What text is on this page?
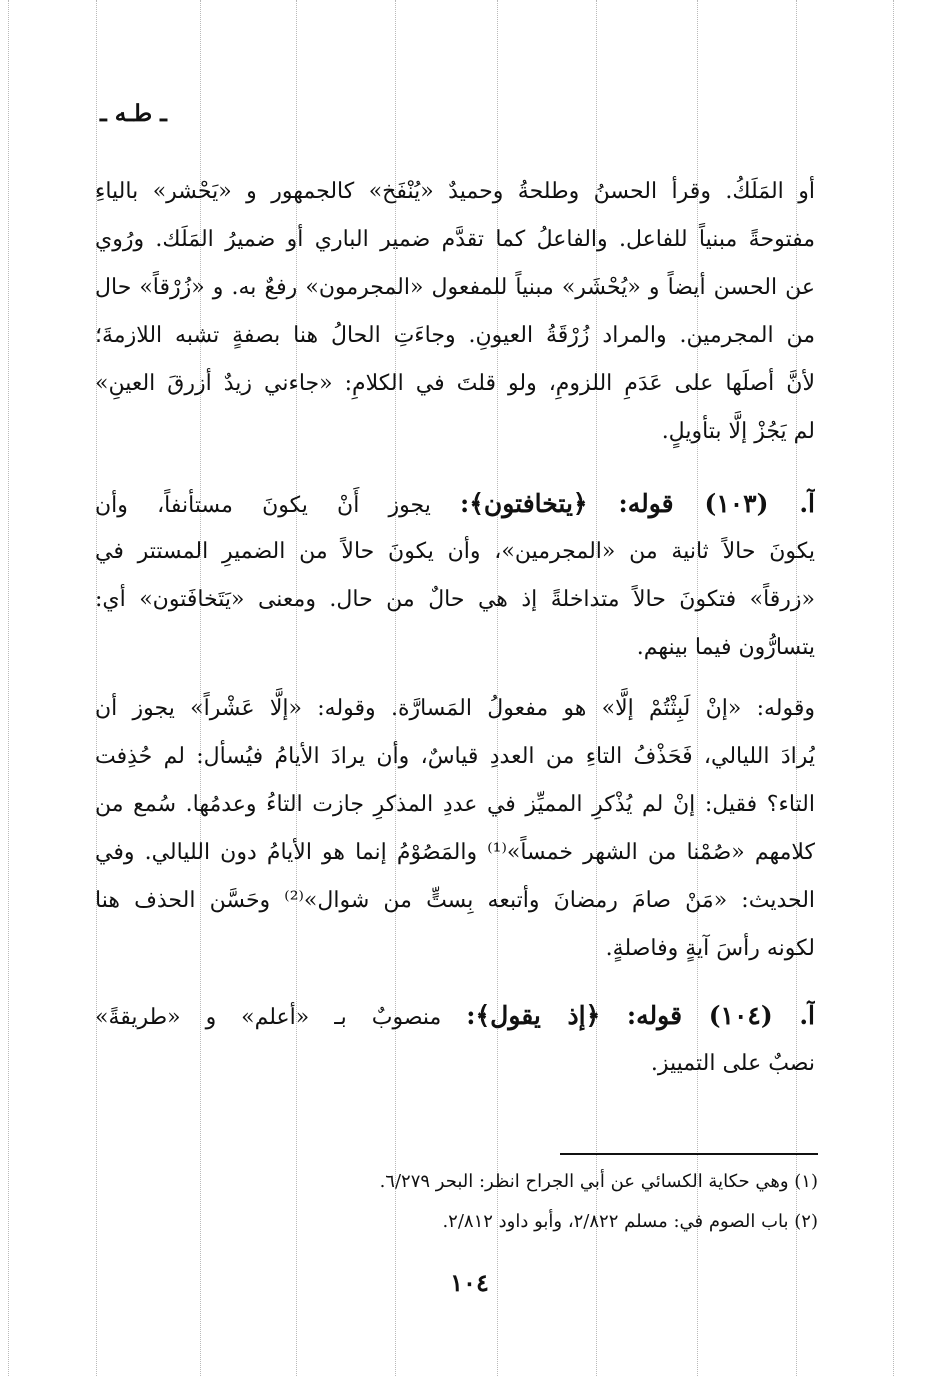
ـ طـه ـ
أو المَلَكُ. وقرأ الحسنُ وطلحةُ وحميدٌ «يُنْفَخ» كالجمهور و «يَحْشر» بالياءِ
مفتوحةً مبنياً للفاعل. والفاعلُ كما تقدَّم ضمير الباري أو ضميرُ المَلَك. ورُوي
عن الحسن أيضاً و «يُحْشَر» مبنياً للمفعول «المجرمون» رفعٌ به. و «زُرْقاً» حال
من المجرمين. والمراد زُرْقَةُ العيونِ. وجاءَتِ الحالُ هنا بصفةٍ تشبه اللازمةَ؛
لأنَّ أصلَها على عَدَمِ اللزومِ، ولو قلتَ في الكلامِ: «جاءني زيدٌ أزرقَ العينِ»
لم يَجُزْ إلَّا بتأويلٍ.
آ. (١٠٣) قوله: ﴿يتخافتون﴾: يجوز أَنْ يكونَ مستأنفاً، وأن
يكونَ حالاً ثانية من «المجرمين»، وأن يكونَ حالاً من الضميرِ المستتر في
«زرقاً» فتكونَ حالاً متداخلةً إذ هي حالٌ من حال. ومعنى «يَتَخافَتون» أي:
يتسارُّون فيما بينهم.
وقوله: «إنْ لَبِثْتُمْ إلَّا» هو مفعولُ المَسارَّة. وقوله: «إلَّا عَشْراً» يجوز أن
يُرادَ الليالي، فَحَذْفُ التاءِ من العددِ قياسٌ، وأن يرادَ الأيامُ فيُسأل: لم حُذِفت
التاء؟ فقيل: إنْ لم يُذْكرِ المميِّز في عددِ المذكرِ جازت التاءُ وعدمُها. سُمع من
كلامهم «صُمْنا من الشهر خمساً»⁽¹⁾ والمَصُوْمُ إنما هو الأيامُ دون الليالي. وفي
الحديث: «مَنْ صامَ رمضانَ وأتبعه بِستٍّ من شوال»⁽²⁾ وحَسَّن الحذف هنا
لكونه رأسَ آيةٍ وفاصلةٍ.
آ. (١٠٤) قوله: ﴿إذ يقول﴾: منصوبٌ بـ «أعلم» و «طريقةً»
نصبٌ على التمييز.
(١) وهي حكاية الكسائي عن أبي الجراح انظر: البحر ٦/٢٧٩.
(٢) باب الصوم في: مسلم ٢/٨٢٢، وأبو داود ٢/٨١٢.
١٠٤
